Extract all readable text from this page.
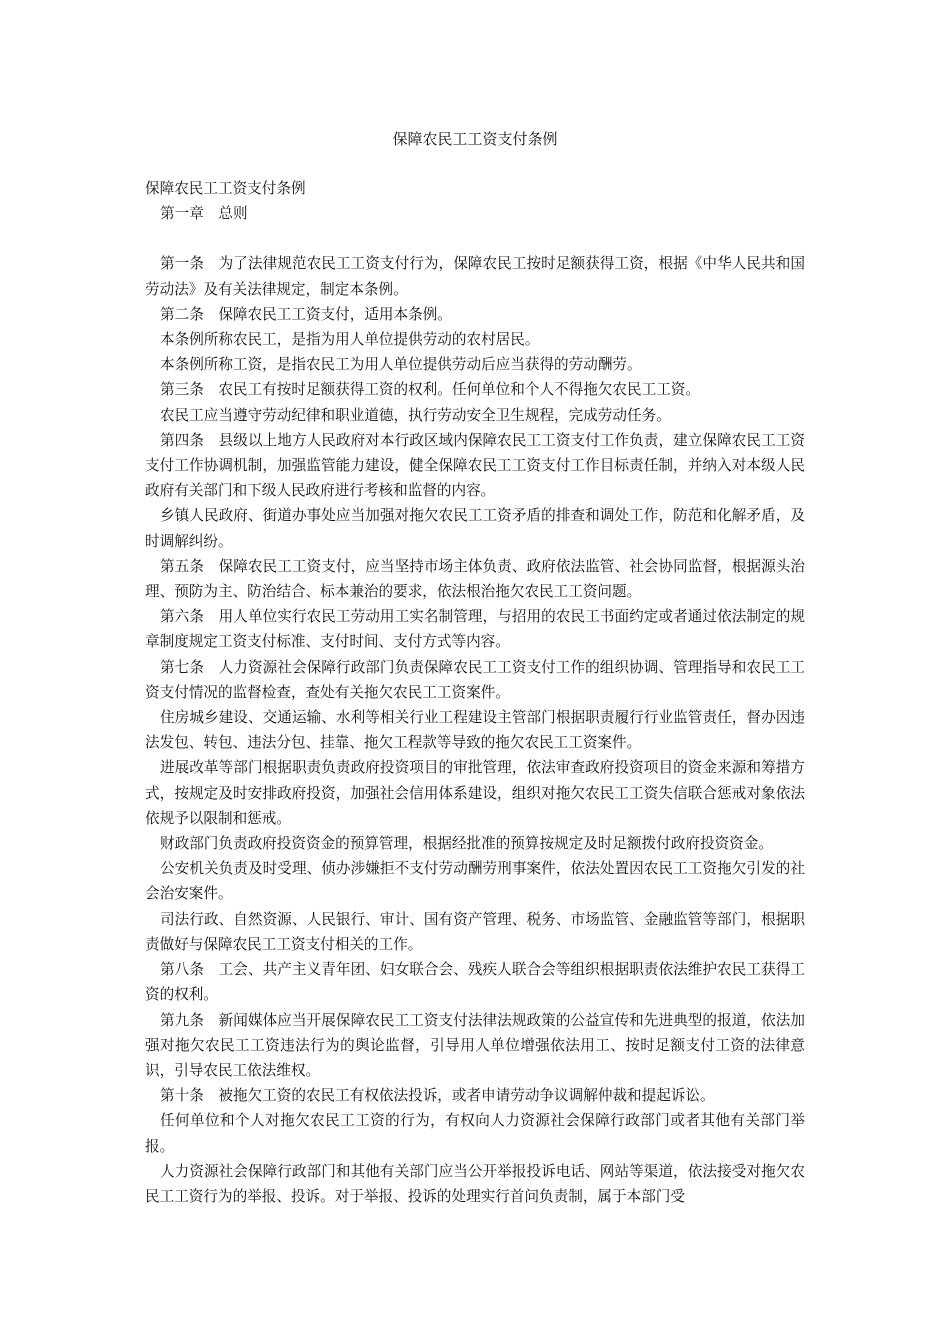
保障农民工工资支付条例

保障农民工工资支付条例

第一章　总则

第一条　为了法律规范农民工工资支付行为，保障农民工按时足额获得工资，根据《中华人民共和国劳动法》及有关法律规定，制定本条例。

第二条　保障农民工工资支付，适用本条例。

本条例所称农民工，是指为用人单位提供劳动的农村居民。

本条例所称工资，是指农民工为用人单位提供劳动后应当获得的劳动酬劳。

第三条　农民工有按时足额获得工资的权利。任何单位和个人不得拖欠农民工工资。

农民工应当遵守劳动纪律和职业道德，执行劳动安全卫生规程，完成劳动任务。

第四条　县级以上地方人民政府对本行政区域内保障农民工工资支付工作负责，建立保障农民工工资支付工作协调机制，加强监管能力建设，健全保障农民工工资支付工作目标责任制，并纳入对本级人民政府有关部门和下级人民政府进行考核和监督的内容。

乡镇人民政府、街道办事处应当加强对拖欠农民工工资矛盾的排查和调处工作，防范和化解矛盾，及时调解纠纷。

第五条　保障农民工工资支付，应当坚持市场主体负责、政府依法监管、社会协同监督，根据源头治理、预防为主、防治结合、标本兼治的要求，依法根治拖欠农民工工资问题。

第六条　用人单位实行农民工劳动用工实名制管理，与招用的农民工书面约定或者通过依法制定的规章制度规定工资支付标准、支付时间、支付方式等内容。

第七条　人力资源社会保障行政部门负责保障农民工工资支付工作的组织协调、管理指导和农民工工资支付情况的监督检查，查处有关拖欠农民工工资案件。

住房城乡建设、交通运输、水利等相关行业工程建设主管部门根据职责履行行业监管责任，督办因违法发包、转包、违法分包、挂靠、拖欠工程款等导致的拖欠农民工工资案件。

进展改革等部门根据职责负责政府投资项目的审批管理，依法审查政府投资项目的资金来源和筹措方式，按规定及时安排政府投资，加强社会信用体系建设，组织对拖欠农民工工资失信联合惩戒对象依法依规予以限制和惩戒。

财政部门负责政府投资资金的预算管理，根据经批准的预算按规定及时足额拨付政府投资资金。

公安机关负责及时受理、侦办涉嫌拒不支付劳动酬劳刑事案件，依法处置因农民工工资拖欠引发的社会治安案件。

司法行政、自然资源、人民银行、审计、国有资产管理、税务、市场监管、金融监管等部门，根据职责做好与保障农民工工资支付相关的工作。

第八条　工会、共产主义青年团、妇女联合会、残疾人联合会等组织根据职责依法维护农民工获得工资的权利。

第九条　新闻媒体应当开展保障农民工工资支付法律法规政策的公益宣传和先进典型的报道，依法加强对拖欠农民工工资违法行为的舆论监督，引导用人单位增强依法用工、按时足额支付工资的法律意识，引导农民工依法维权。

第十条　被拖欠工资的农民工有权依法投诉，或者申请劳动争议调解仲裁和提起诉讼。

任何单位和个人对拖欠农民工工资的行为，有权向人力资源社会保障行政部门或者其他有关部门举报。

人力资源社会保障行政部门和其他有关部门应当公开举报投诉电话、网站等渠道，依法接受对拖欠农民工工资行为的举报、投诉。对于举报、投诉的处理实行首问负责制，属于本部门受
